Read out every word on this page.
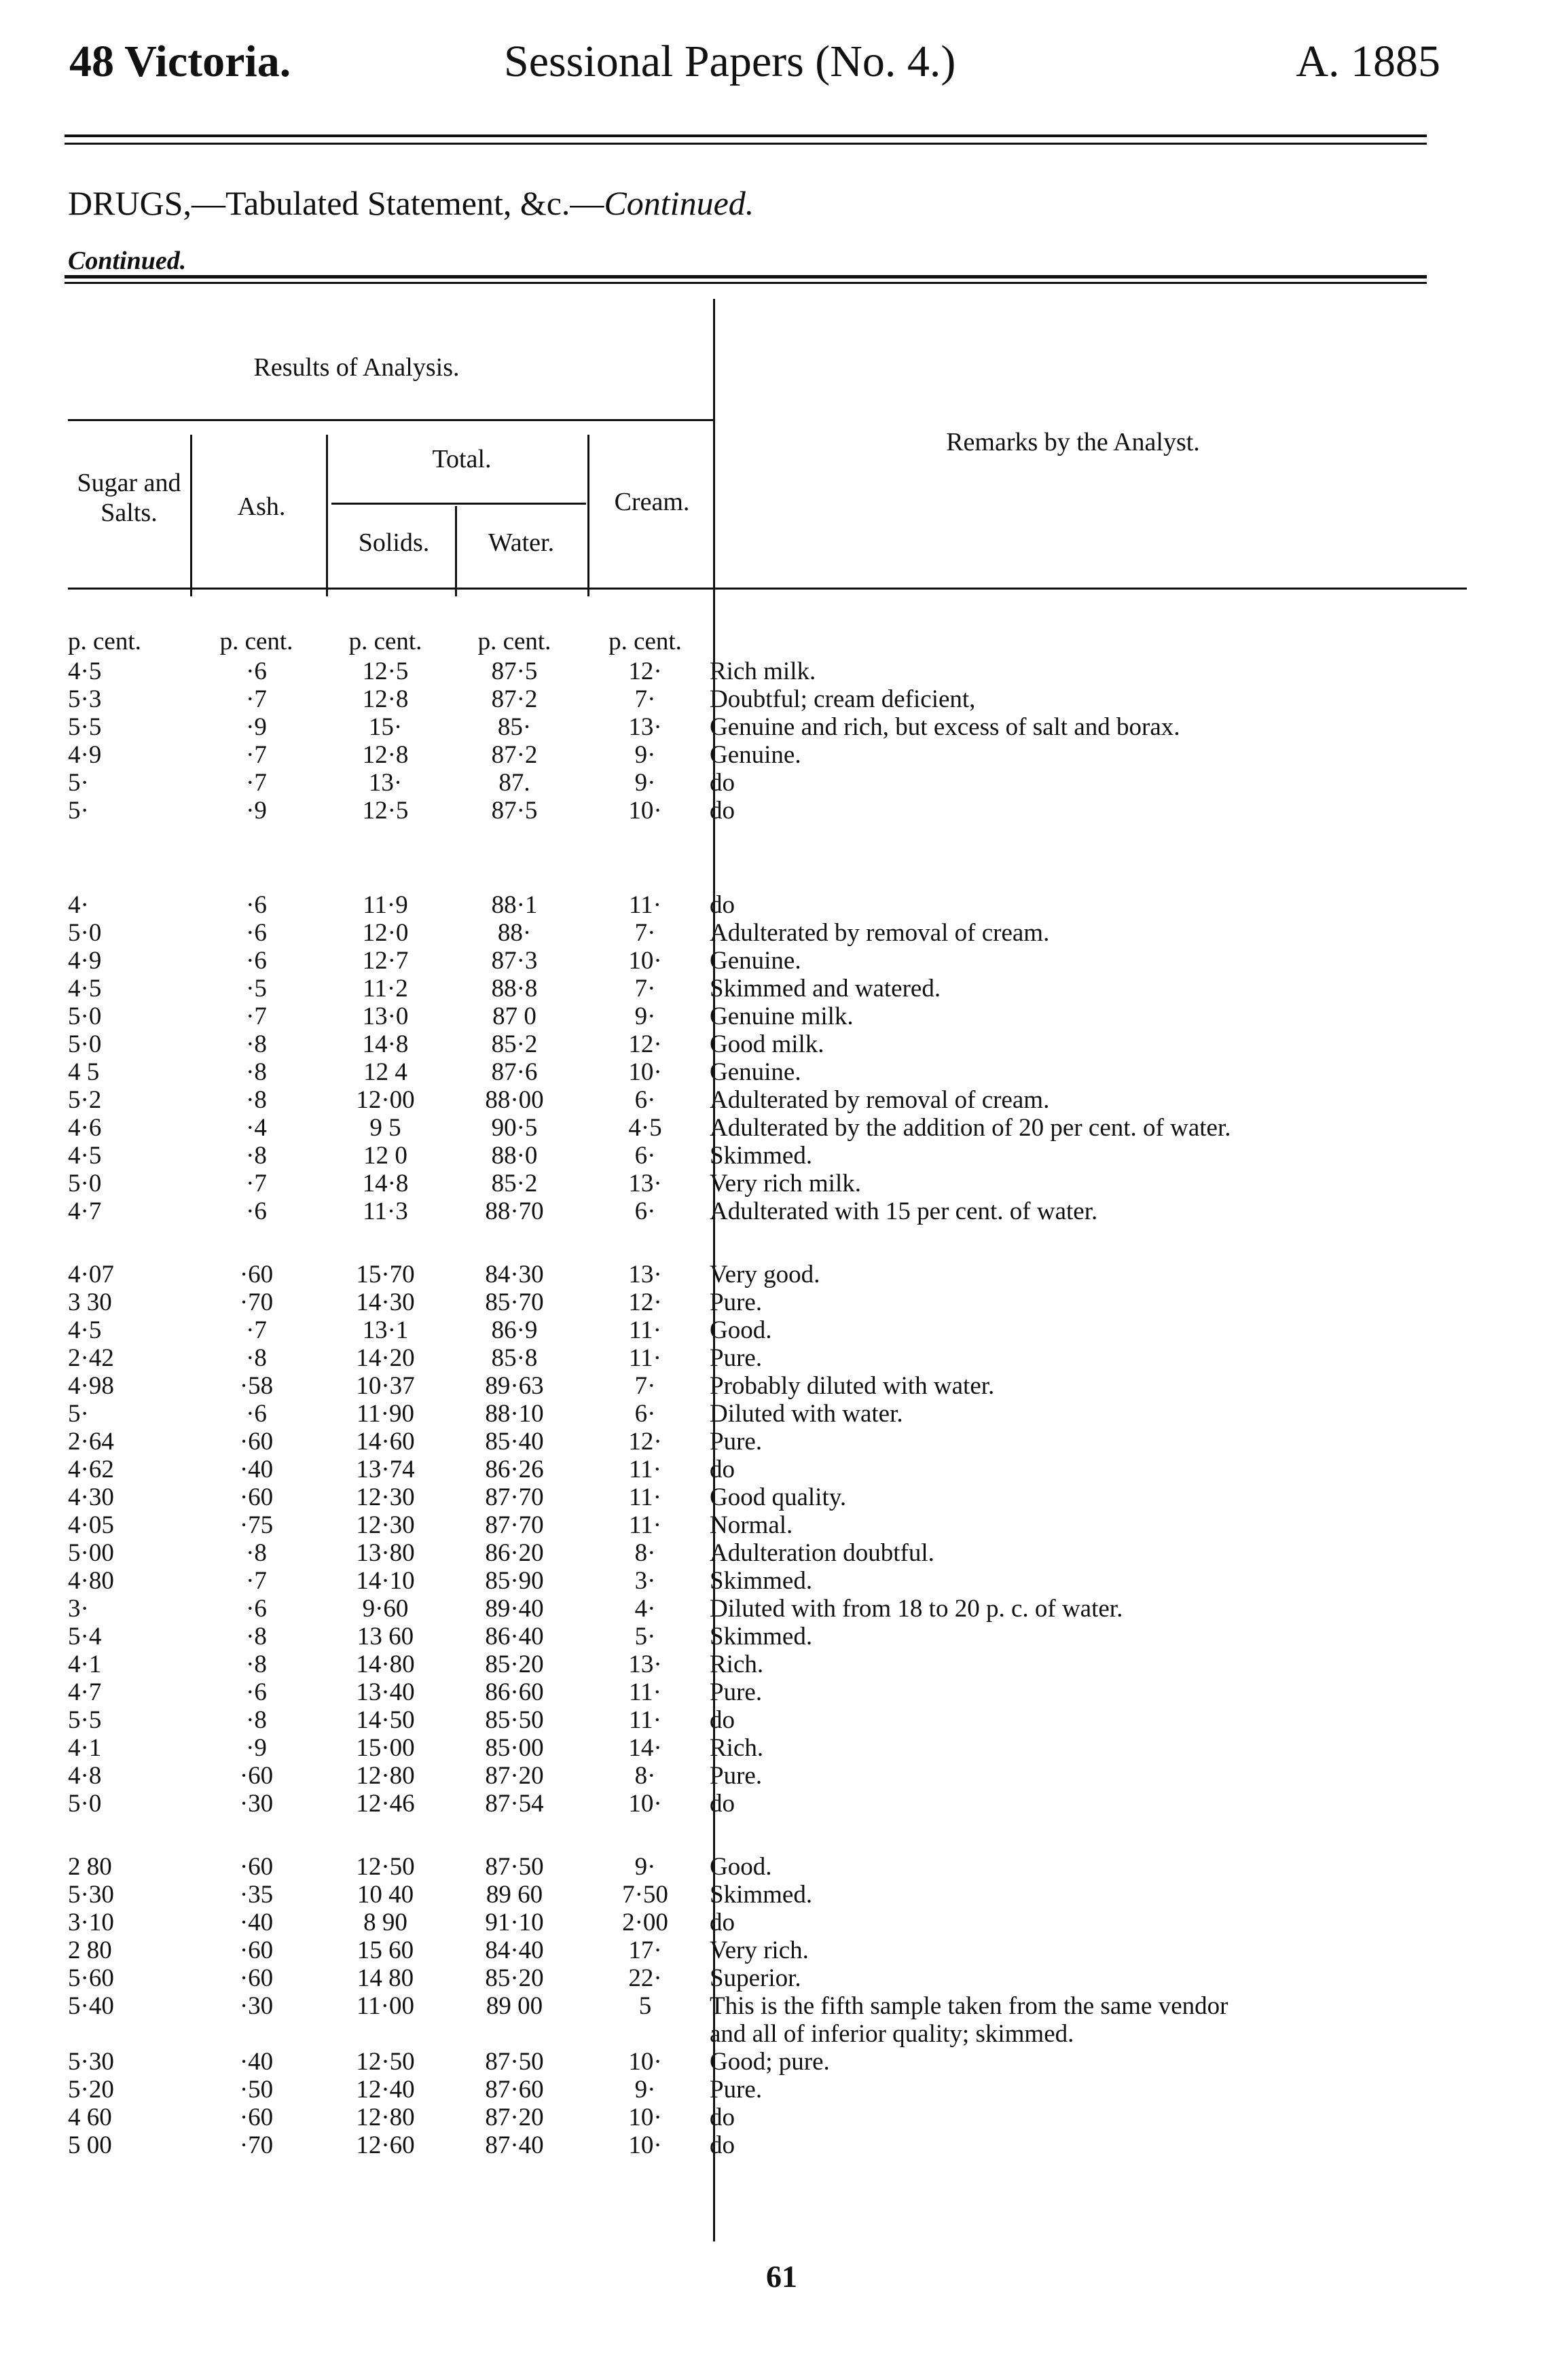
48 Victoria.	Sessional Papers (No. 4.)	A. 1885
DRUGS,—Tabulated Statement, &c.—Continued.
Continued.
Results of Analysis.
Remarks by the Analyst.
Sugar and Salts.	Ash.
Total.
Solids.	Water.
Cream.
p. cent.	p. cent.	p. cent.	p. cent.	p. cent.	
4·5	·6	12·5	87·5	12·	Rich milk.
5·3	·7	12·8	87·2	7·	Doubtful; cream deficient,
5·5	·9	15·	85·	13·	Genuine and rich, but excess of salt and borax.
4·9	·7	12·8	87·2	9·	Genuine.
5·	·7	13·	87.	9·	do
5·	·9	12·5	87·5	10·	do

4·	·6	11·9	88·1	11·	do
5·0	·6	12·0	88·	7·	Adulterated by removal of cream.
4·9	·6	12·7	87·3	10·	Genuine.
4·5	·5	11·2	88·8	7·	Skimmed and watered.
5·0	·7	13·0	87 0	9·	Genuine milk.
5·0	·8	14·8	85·2	12·	Good milk.
4 5	·8	12 4	87·6	10·	Genuine.
5·2	·8	12·00	88·00	6·	Adulterated by removal of cream.
4·6	·4	9 5	90·5	4·5	Adulterated by the addition of 20 per cent. of water.
4·5	·8	12 0	88·0	6·	Skimmed.
5·0	·7	14·8	85·2	13·	Very rich milk.
4·7	·6	11·3	88·70	6·	Adulterated with 15 per cent. of water.

4·07	·60	15·70	84·30	13·	Very good.
3 30	·70	14·30	85·70	12·	Pure.
4·5	·7	13·1	86·9	11·	Good.
2·42	·8	14·20	85·8	11·	Pure.
4·98	·58	10·37	89·63	7·	Probably diluted with water.
5·	·6	11·90	88·10	6·	Diluted with water.
2·64	·60	14·60	85·40	12·	Pure.
4·62	·40	13·74	86·26	11·	do
4·30	·60	12·30	87·70	11·	Good quality.
4·05	·75	12·30	87·70	11·	Normal.
5·00	·8	13·80	86·20	8·	Adulteration doubtful.
4·80	·7	14·10	85·90	3·	Skimmed.
3·	·6	9·60	89·40	4·	Diluted with from 18 to 20 p. c. of water.
5·4	·8	13 60	86·40	5·	Skimmed.
4·1	·8	14·80	85·20	13·	Rich.
4·7	·6	13·40	86·60	11·	Pure.
5·5	·8	14·50	85·50	11·	do
4·1	·9	15·00	85·00	14·	Rich.
4·8	·60	12·80	87·20	8·	Pure.
5·0	·30	12·46	87·54	10·	do

2 80	·60	12·50	87·50	9·	Good.
5·30	·35	10 40	89 60	7·50	Skimmed.
3·10	·40	8 90	91·10	2·00	do
2 80	·60	15 60	84·40	17·	Very rich.
5·60	·60	14 80	85·20	22·	Superior.
5·40	·30	11·00	89 00	5	This is the fifth sample taken from the same vendor
					and all of inferior quality; skimmed.
5·30	·40	12·50	87·50	10·	Good; pure.
5·20	·50	12·40	87·60	9·	Pure.
4 60	·60	12·80	87·20	10·	do
5 00	·70	12·60	87·40	10·	do
61
